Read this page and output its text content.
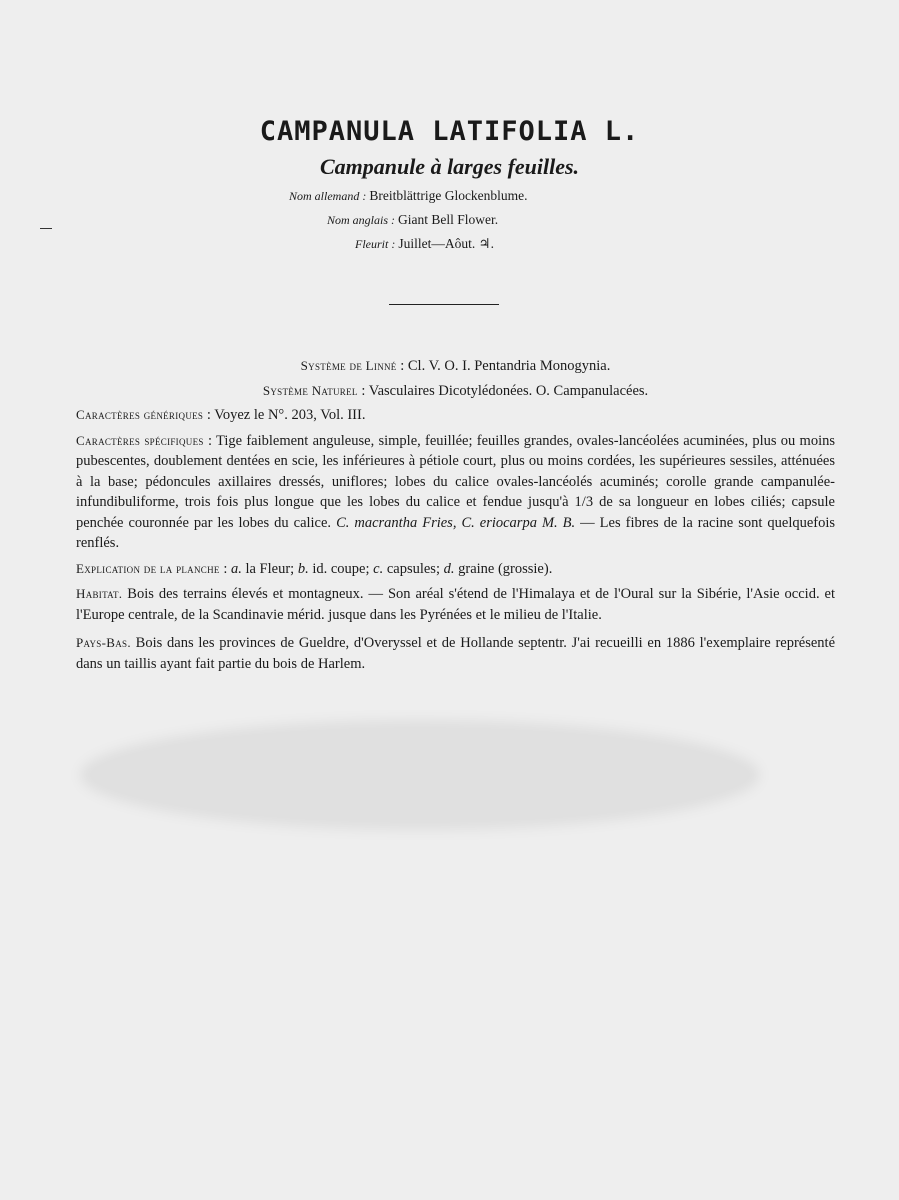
CAMPANULA LATIFOLIA L.
Campanule à larges feuilles.
Nom allemand : Breitblättrige Glockenblume.
Nom anglais : Giant Bell Flower.
Fleurit : Juillet—Aôut. ♃.

Système de Linné : Cl. V. O. I. Pentandria Monogynia.

Système Naturel : Vasculaires Dicotylédonées. O. Campanulacées.

Caractères génériques : Voyez le N°. 203, Vol. III.

Caractères spécifiques : Tige faiblement anguleuse, simple, feuillée; feuilles grandes, ovales-lancéolées acuminées, plus ou moins pubescentes, doublement dentées en scie, les inférieures à pétiole court, plus ou moins cordées, les supérieures sessiles, atténuées à la base; pédoncules axillaires dressés, uniflores; lobes du calice ovales-lancéolés acuminés; corolle grande campanulée-infundibuliforme, trois fois plus longue que les lobes du calice et fendue jusqu'à 1/3 de sa longueur en lobes ciliés; capsule penchée couronnée par les lobes du calice. C. macrantha Fries, C. eriocarpa M. B. — Les fibres de la racine sont quelquefois renflés.

Explication de la planche : a. la Fleur; b. id. coupe; c. capsules; d. graine (grossie).

Habitat. Bois des terrains élevés et montagneux. — Son aréal s'étend de l'Himalaya et de l'Oural sur la Sibérie, l'Asie occid. et l'Europe centrale, de la Scandinavie mérid. jusque dans les Pyrénées et le milieu de l'Italie.

Pays-Bas. Bois dans les provinces de Gueldre, d'Overyssel et de Hollande septentr. J'ai recueilli en 1886 l'exemplaire représenté dans un taillis ayant fait partie du bois de Harlem.
